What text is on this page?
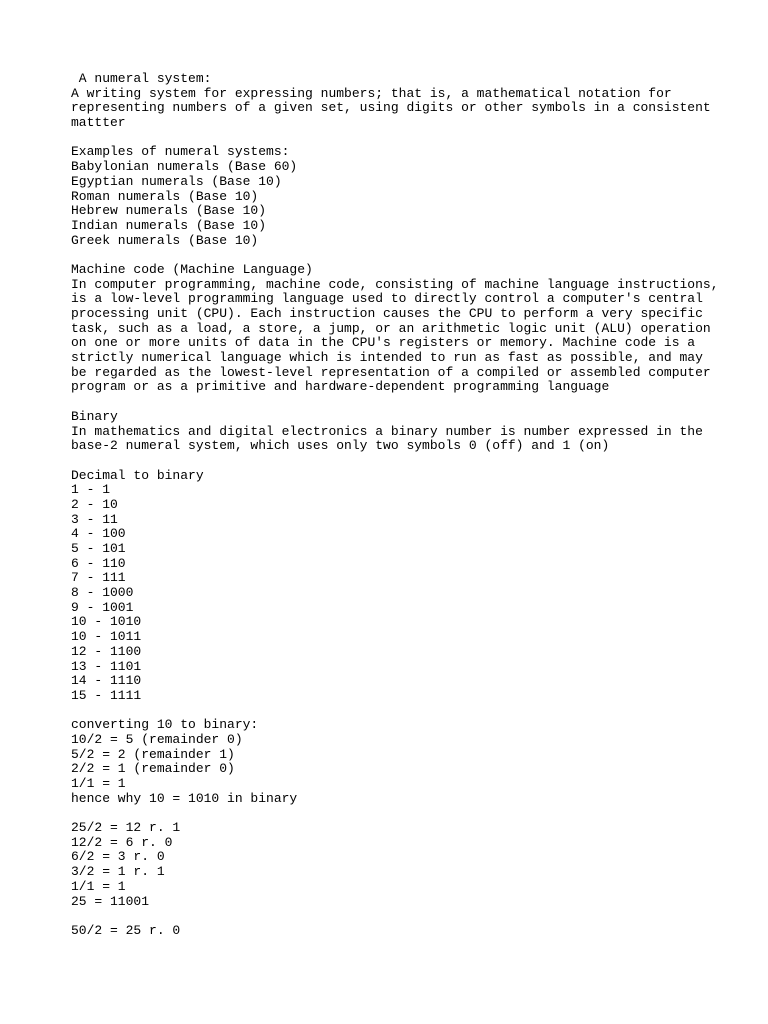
A numeral system:
A writing system for expressing numbers; that is, a mathematical notation for
representing numbers of a given set, using digits or other symbols in a consistent
mattter
Examples of numeral systems:
Babylonian numerals (Base 60)
Egyptian numerals (Base 10)
Roman numerals (Base 10)
Hebrew numerals (Base 10)
Indian numerals (Base 10)
Greek numerals (Base 10)
Machine code (Machine Language)
In computer programming, machine code, consisting of machine language instructions,
is a low-level programming language used to directly control a computer's central
processing unit (CPU). Each instruction causes the CPU to perform a very specific
task, such as a load, a store, a jump, or an arithmetic logic unit (ALU) operation
on one or more units of data in the CPU's registers or memory. Machine code is a
strictly numerical language which is intended to run as fast as possible, and may
be regarded as the lowest-level representation of a compiled or assembled computer
program or as a primitive and hardware-dependent programming language
Binary
In mathematics and digital electronics a binary number is number expressed in the
base-2 numeral system, which uses only two symbols 0 (off) and 1 (on)
Decimal to binary
1 - 1
2 - 10
3 - 11
4 - 100
5 - 101
6 - 110
7 - 111
8 - 1000
9 - 1001
10 - 1010
10 - 1011
12 - 1100
13 - 1101
14 - 1110
15 - 1111
converting 10 to binary:
10/2 = 5 (remainder 0)
5/2 = 2 (remainder 1)
2/2 = 1 (remainder 0)
1/1 = 1
hence why 10 = 1010 in binary
25/2 = 12 r. 1
12/2 = 6 r. 0
6/2 = 3 r. 0
3/2 = 1 r. 1
1/1 = 1
25 = 11001
50/2 = 25 r. 0
